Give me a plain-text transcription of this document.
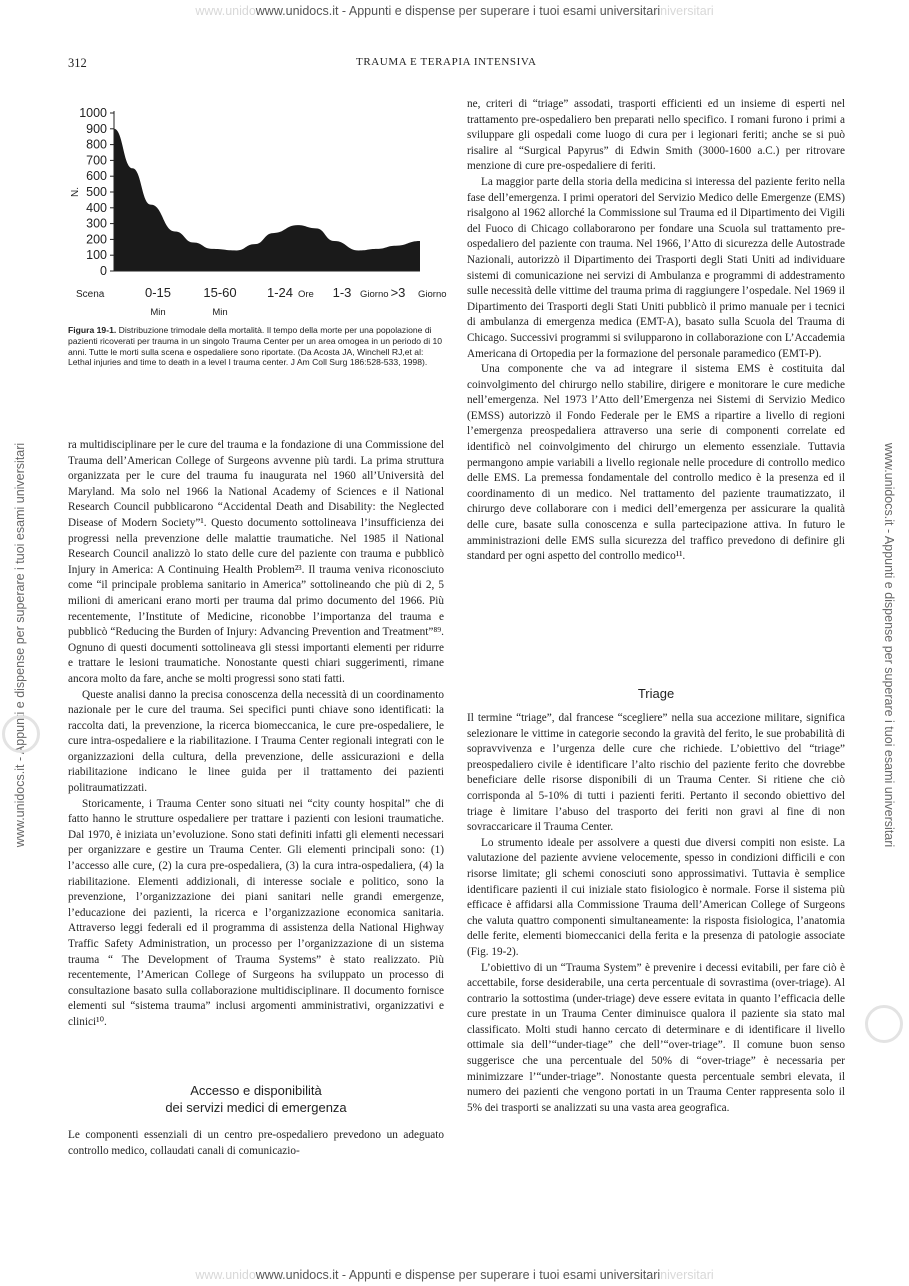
www.unidowww.unidocs.it - Appunti e dispense per superare i tuoi esami universitariniversitari
www.unidowww.unidocs.it - Appunti e dispense per superare i tuoi esami universitariniversitari
www.unidocs.it - Appunti e dispense per superare i tuoi esami universitari	www.unidocs.it - Appunti e dispense per superare i tuoi esami universitari
312	TRAUMA E TERAPIA INTENSIVA
1000
900
800
700
600
500
400
300
200
100
0
N.
Scena	0-15
Min
15-60
Min
1-24 Ore 1-3 Giorno >3 Giorno
Figura 19-1. Distribuzione trimodale della mortalità. Il tempo della morte per una popolazione di pazienti ricoverati per trauma in un singolo Trauma Center per un area omogea in un periodo di 10 anni. Tutte le morti sulla scena e ospedaliere sono riportate. (Da Acosta JA, Winchell RJ,et al: Lethal injuries and time to death in a level I trauma center. J Am Coll Surg 186:528-533, 1998).

ra multidisciplinare per le cure del trauma e la fondazione di una Commissione del Trauma dell’American College of Surgeons avvenne più tardi. La prima struttura organizzata per le cure del trauma fu inaugurata nel 1960 all’Università del Maryland. Ma solo nel 1966 la National Academy of Sciences e il National Research Council pubblicarono “Accidental Death and Disability: the Neglected Disease of Modern Society”¹. Questo documento sottolineava l’insufficienza dei progressi nella prevenzione delle malattie traumatiche. Nel 1985 il National Research Council analizzò lo stato delle cure del paziente con trauma e pubblicò Injury in America: A Continuing Health Problem²³. Il trauma veniva riconosciuto come “il principale problema sanitario in America” sottolineando che più di 2, 5 milioni di americani erano morti per trauma dal primo documento del 1966. Più recentemente, l’Institute of Medicine, riconobbe l’importanza del trauma e pubblicò “Reducing the Burden of Injury: Advancing Prevention and Treatment”⁸⁹. Ognuno di questi documenti sottolineava gli stessi importanti elementi per ridurre e trattare le lesioni traumatiche. Nonostante questi chiari suggerimenti, rimane ancora molto da fare, anche se molti progressi sono stati fatti.

Queste analisi danno la precisa conoscenza della necessità di un coordinamento nazionale per le cure del trauma. Sei specifici punti chiave sono identificati: la raccolta dati, la prevenzione, la ricerca biomeccanica, le cure pre-ospedaliere, le cure intra-ospedaliere e la riabilitazione. I Trauma Center regionali integrati con le organizzazioni della cultura, della prevenzione, delle assicurazioni e della riabilitazione indicano le linee guida per il trattamento dei pazienti politraumatizzati.

Storicamente, i Trauma Center sono situati nei “city county hospital” che di fatto hanno le strutture ospedaliere per trattare i pazienti con lesioni traumatiche. Dal 1970, è iniziata un’evoluzione. Sono stati definiti infatti gli elementi necessari per organizzare e gestire un Trauma Center. Gli elementi principali sono: (1) l’accesso alle cure, (2) la cura pre-ospedaliera, (3) la cura intra-ospedaliera, (4) la riabilitazione. Elementi addizionali, di interesse sociale e politico, sono la prevenzione, l’organizzazione dei piani sanitari nelle grandi emergenze, l’educazione dei pazienti, la ricerca e l’organizzazione economica sanitaria. Attraverso leggi federali ed il programma di assistenza della National Highway Traffic Safety Administration, un processo per l’organizzazione di un sistema trauma “ The Development of Trauma Systems” è stato realizzato. Più recentemente, l’American College of Surgeons ha sviluppato un processo di consultazione basato sulla collaborazione multidisciplinare. Il documento fornisce elementi sul “sistema trauma” inclusi argomenti amministrativi, organizzativi e clinici¹⁰.

Accesso e disponibilità
dei servizi medici di emergenza

Le componenti essenziali di un centro pre-ospedaliero prevedono un adeguato controllo medico, collaudati canali di comunicazio-

ne, criteri di “triage” assodati, trasporti efficienti ed un insieme di esperti nel trattamento pre-ospedaliero ben preparati nello specifico. I romani furono i primi a sviluppare gli ospedali come luogo di cura per i legionari feriti; anche se si può risalire al “Surgical Papyrus” di Edwin Smith (3000-1600 a.C.) per ritrovare menzione di cure pre-ospedaliere di feriti.

La maggior parte della storia della medicina si interessa del paziente ferito nella fase dell’emergenza. I primi operatori del Servizio Medico delle Emergenze (EMS) risalgono al 1962 allorché la Commissione sul Trauma ed il Dipartimento dei Vigili del Fuoco di Chicago collaborarono per fondare una Scuola sul trattamento pre-ospedaliero del paziente con trauma. Nel 1966, l’Atto di sicurezza delle Autostrade Nazionali, autorizzò il Dipartimento dei Trasporti degli Stati Uniti ad individuare sistemi di comunicazione nei servizi di Ambulanza e programmi di addestramento sulle necessità delle vittime del trauma prima di raggiungere l’ospedale. Nel 1969 il Dipartimento dei Trasporti degli Stati Uniti pubblicò il primo manuale per i tecnici di ambulanza di emergenza medica (EMT-A), basato sulla Scuola del Trauma di Chicago. Successivi programmi si svilupparono in collaborazione con L’Accademia Americana di Ortopedia per la formazione del personale paramedico (EMT-P).

Una componente che va ad integrare il sistema EMS è costituita dal coinvolgimento del chirurgo nello stabilire, dirigere e monitorare le cure mediche nell’emergenza. Nel 1973 l’Atto dell’Emergenza nei Sistemi di Servizio Medico (EMSS) autorizzò il Fondo Federale per le EMS a ripartire a livello di regioni l’emergenza preospedaliera attraverso una serie di componenti correlate ed identificò nel coinvolgimento del chirurgo un elemento essenziale. Tuttavia permangono ampie variabili a livello regionale nelle procedure di controllo medico delle EMS. La premessa fondamentale del controllo medico è la presenza ed il coordinamento di un medico. Nel trattamento del paziente traumatizzato, il chirurgo deve collaborare con i medici dell’emergenza per assicurare la qualità delle cure, basate sulla conoscenza e sulla partecipazione attiva. In futuro le amministrazioni delle EMS sulla sicurezza del traffico prevedono di definire gli standard per ogni aspetto del controllo medico¹¹.

Triage

Il termine “triage”, dal francese “scegliere” nella sua accezione militare, significa selezionare le vittime in categorie secondo la gravità del ferito, le sue probabilità di sopravvivenza e l’urgenza delle cure che richiede. L’obiettivo del “triage” preospedaliero civile è identificare l’alto rischio del paziente ferito che dovrebbe beneficiare delle risorse disponibili di un Trauma Center. Si ritiene che ciò corrisponda al 5-10% di tutti i pazienti feriti. Pertanto il secondo obiettivo del triage è limitare l’abuso del trasporto dei feriti non gravi al fine di non sovraccaricare il Trauma Center.

Lo strumento ideale per assolvere a questi due diversi compiti non esiste. La valutazione del paziente avviene velocemente, spesso in condizioni difficili e con risorse limitate; gli schemi conosciuti sono approssimativi. Tuttavia è semplice identificare pazienti il cui iniziale stato fisiologico è normale. Forse il sistema più efficace è affidarsi alla Commissione Trauma dell’American College of Surgeons che valuta quattro componenti simultaneamente: la risposta fisiologica, l’anatomia delle ferite, elementi biomeccanici della ferita e la presenza di patologie associate (Fig. 19-2).

L’obiettivo di un “Trauma System” è prevenire i decessi evitabili, per fare ciò è accettabile, forse desiderabile, una certa percentuale di sovrastima (over-triage). Al contrario la sottostima (under-triage) deve essere evitata in quanto l’efficacia delle cure prestate in un Trauma Center diminuisce qualora il paziente sia stato mal classificato. Molti studi hanno cercato di determinare e di identificare il livello ottimale sia dell’“under-tiage” che dell’“over-triage”. Il comune buon senso suggerisce che una percentuale del 50% di “over-triage” è necessaria per minimizzare l’“under-triage”. Nonostante questa percentuale sembri elevata, il numero dei pazienti che vengono portati in un Trauma Center rappresenta solo il 5% dei trasporti se analizzati su una vasta area geografica.
